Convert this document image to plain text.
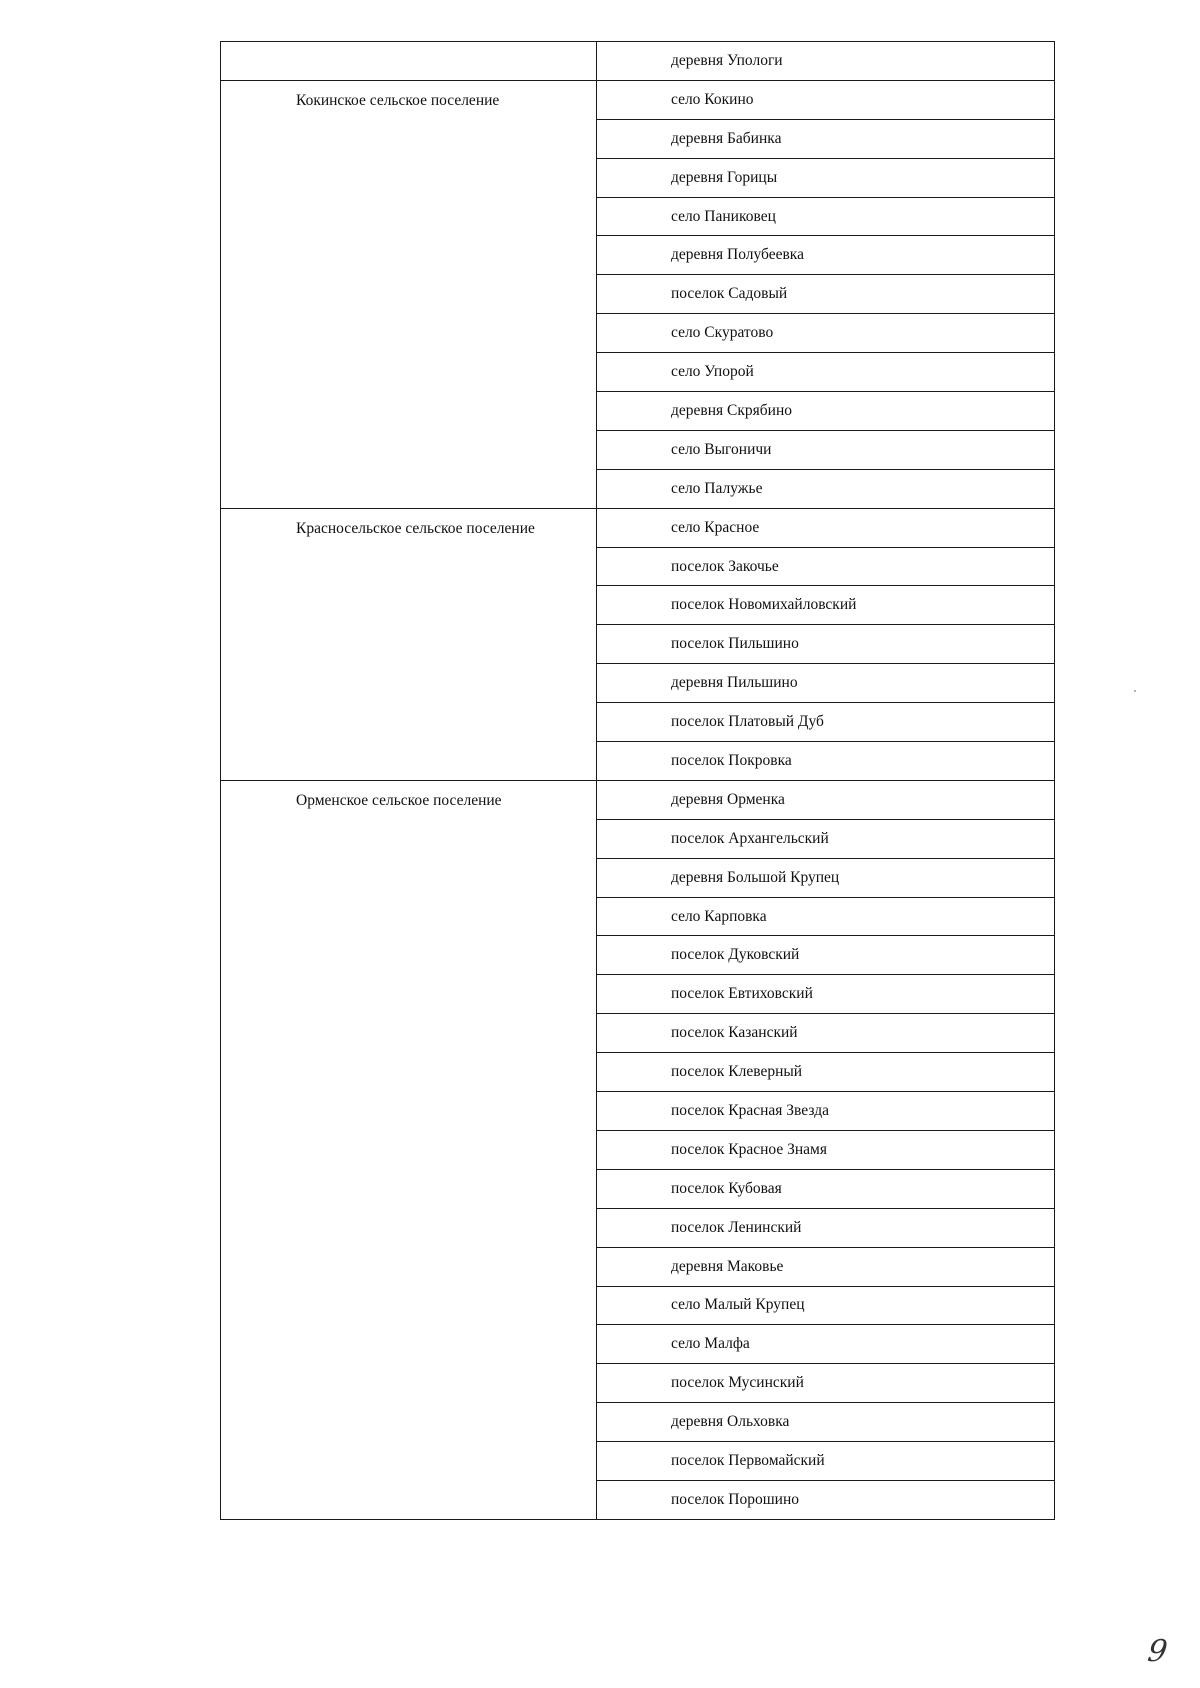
	деревня Упологи
Кокинское сельское поселение	село Кокино
	деревня Бабинка
	деревня Горицы
	село Паниковец
	деревня Полубеевка
	поселок Садовый
	село Скуратово
	село Упорой
	деревня Скрябино
	село Выгоничи
	село Палужье
Красносельское сельское поселение	село Красное
	поселок Закочье
	поселок Новомихайловский
	поселок Пильшино
	деревня Пильшино
	поселок Платовый Дуб
	поселок Покровка
Орменское сельское поселение	деревня Орменка
	поселок Архангельский
	деревня Большой Крупец
	село Карповка
	поселок Дуковский
	поселок Евтиховский
	поселок Казанский
	поселок Клеверный
	поселок Красная Звезда
	поселок Красное Знамя
	поселок Кубовая
	поселок Ленинский
	деревня Маковье
	село Малый Крупец
	село Малфа
	поселок Мусинский
	деревня Ольховка
	поселок Первомайский
	поселок Порошино
9
